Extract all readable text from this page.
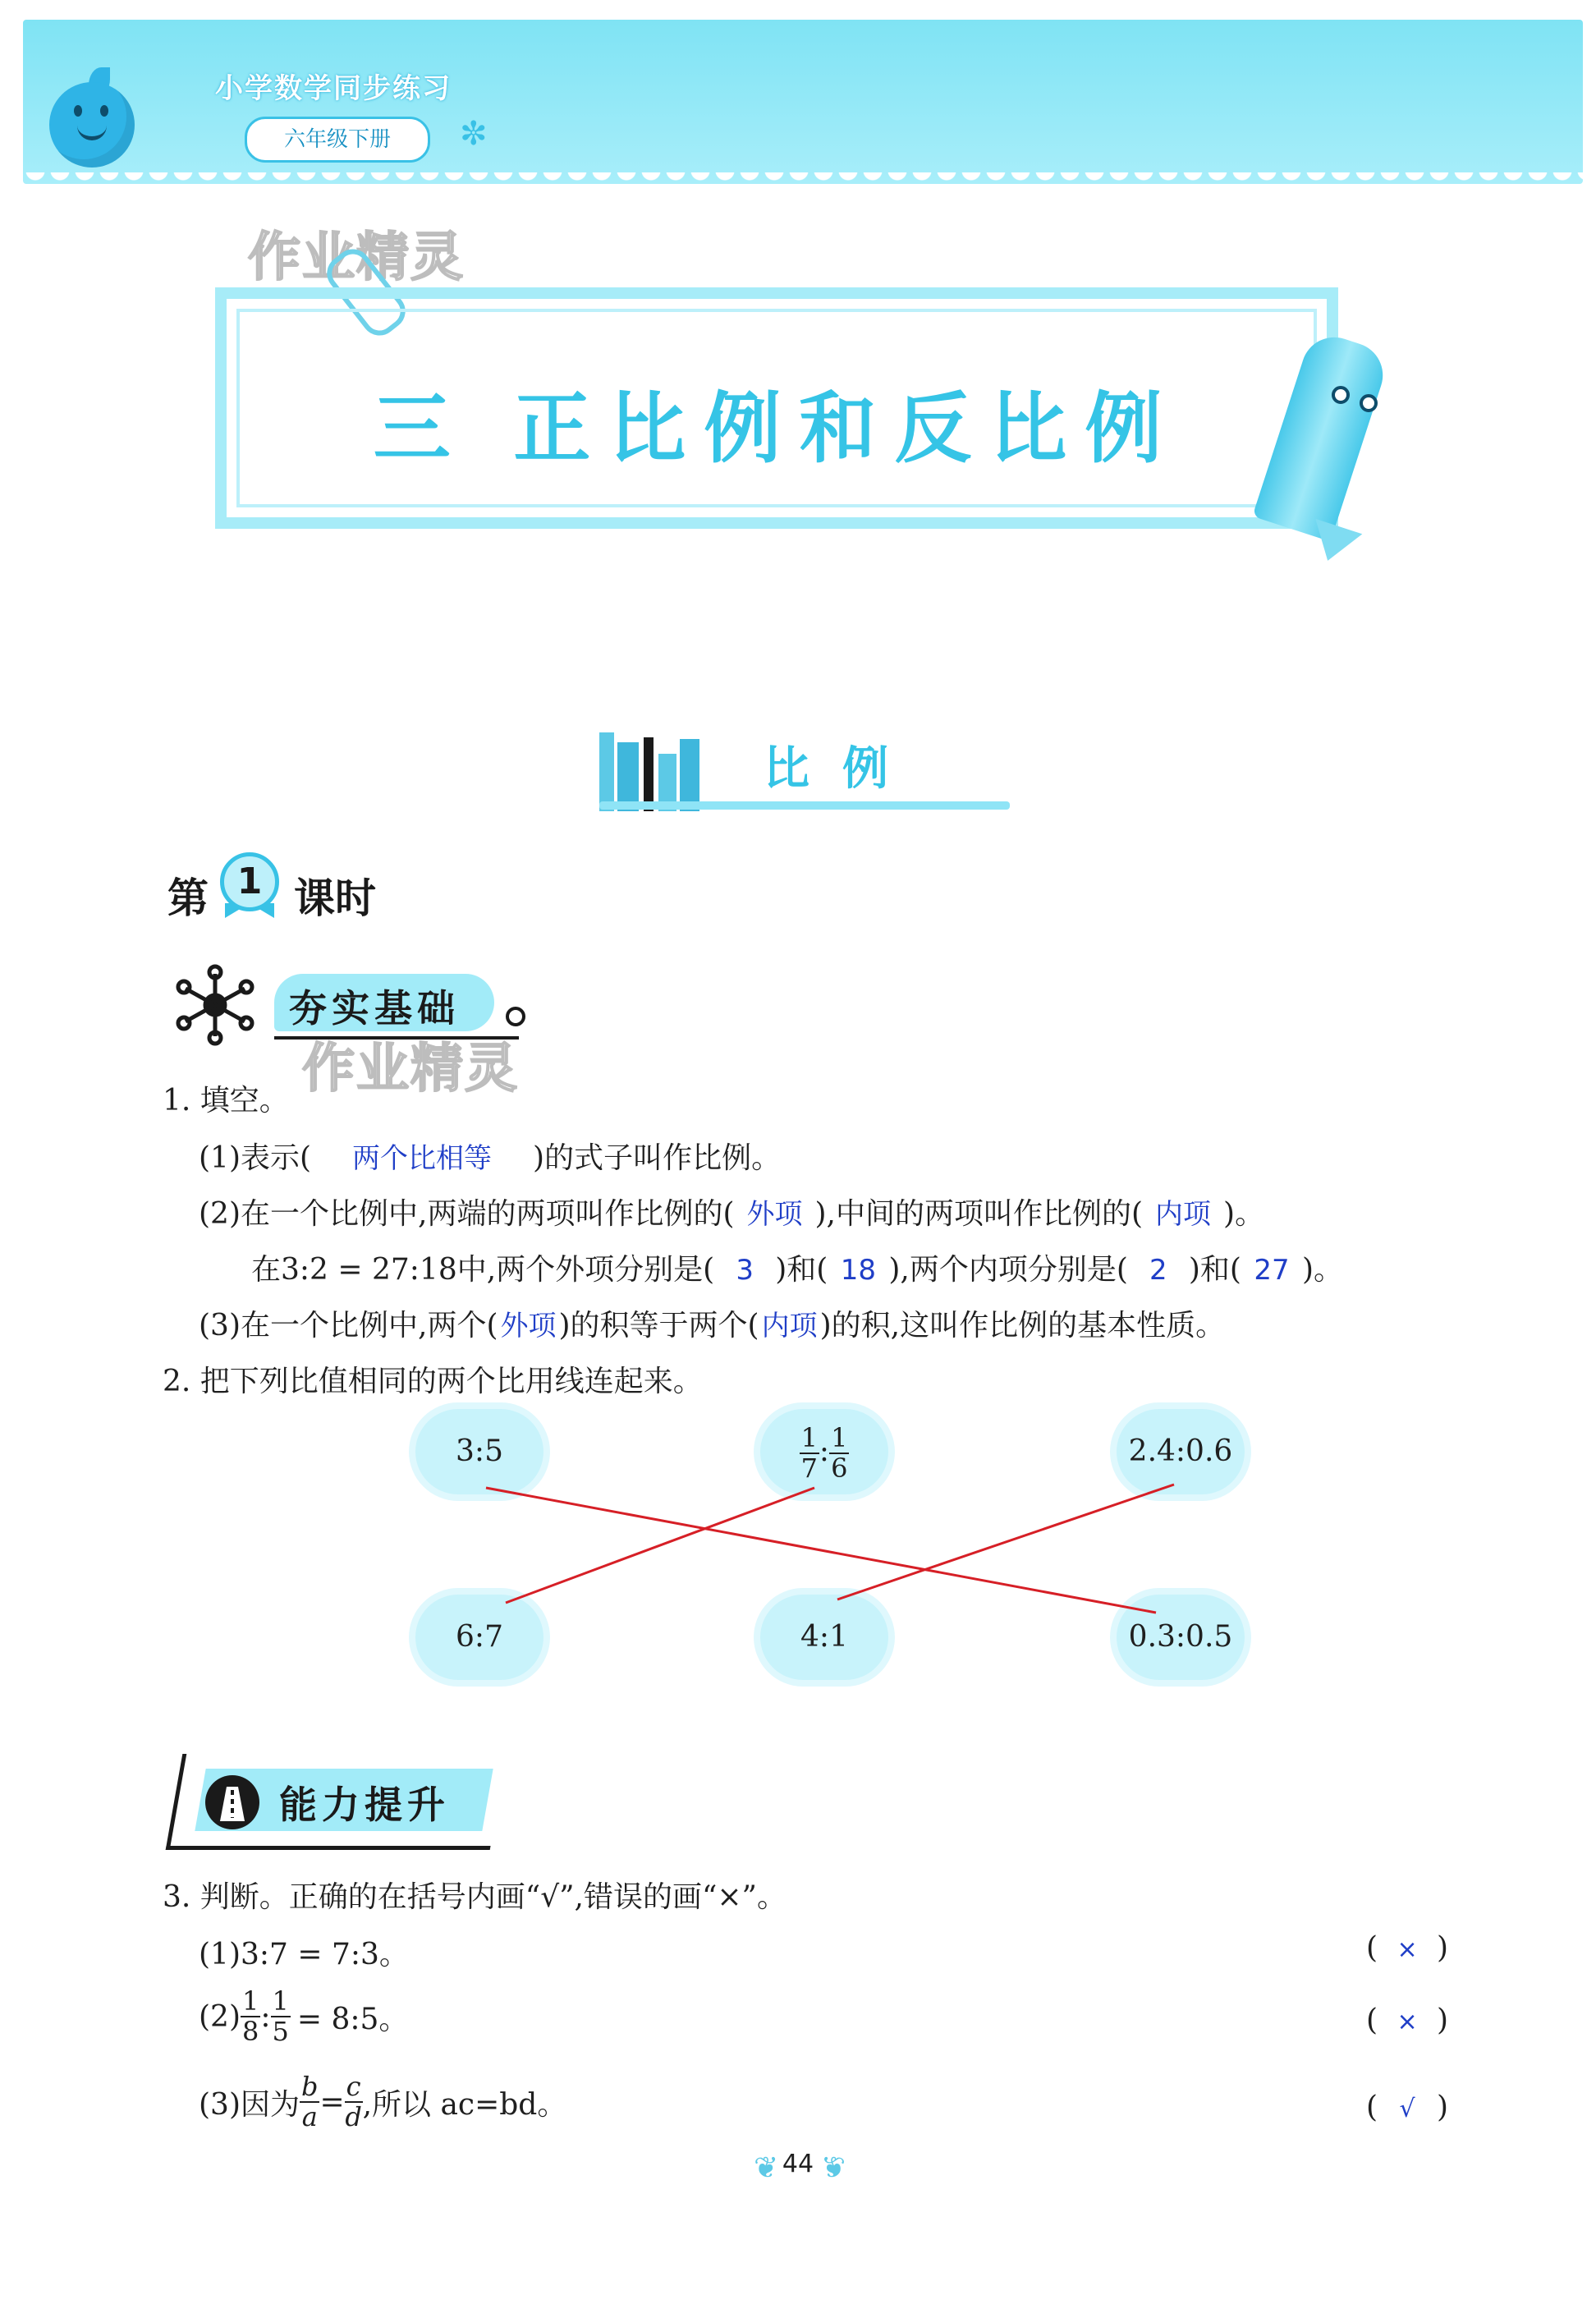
小学数学同步练习
六年级下册	✼
作业精灵
三 正比例和反比例
比例
第 1 课时
夯实基础
作业精灵
1. 填空。
(1)表示( 两个比相等 )的式子叫作比例。
(2)在一个比例中,两端的两项叫作比例的( 外项 ),中间的两项叫作比例的( 内项 )。
在3:2 = 27:18中,两个外项分别是( 3 )和( 18 ),两个内项分别是( 2 )和( 27 )。
(3)在一个比例中,两个(外项)的积等于两个(内项)的积,这叫作比例的基本性质。
2. 把下列比值相同的两个比用线连起来。
3:5	$\frac{1}{7}$ : $\frac{1}{6}$	2.4:0.6
6:7	4:1	0.3:0.5
能力提升
3. 判断。正确的在括号内画“√”,错误的画“×”。
(1)3:7 = 7:3。	( × )
$(2) \frac{1}{8}$ : $\frac{1}{5}$ = 8:5。	( × )
(3)因为 $\frac{b}{a} = \frac{c}{d}$ ,所以 ac=bd。	( √ )
❦ 44 ❦
